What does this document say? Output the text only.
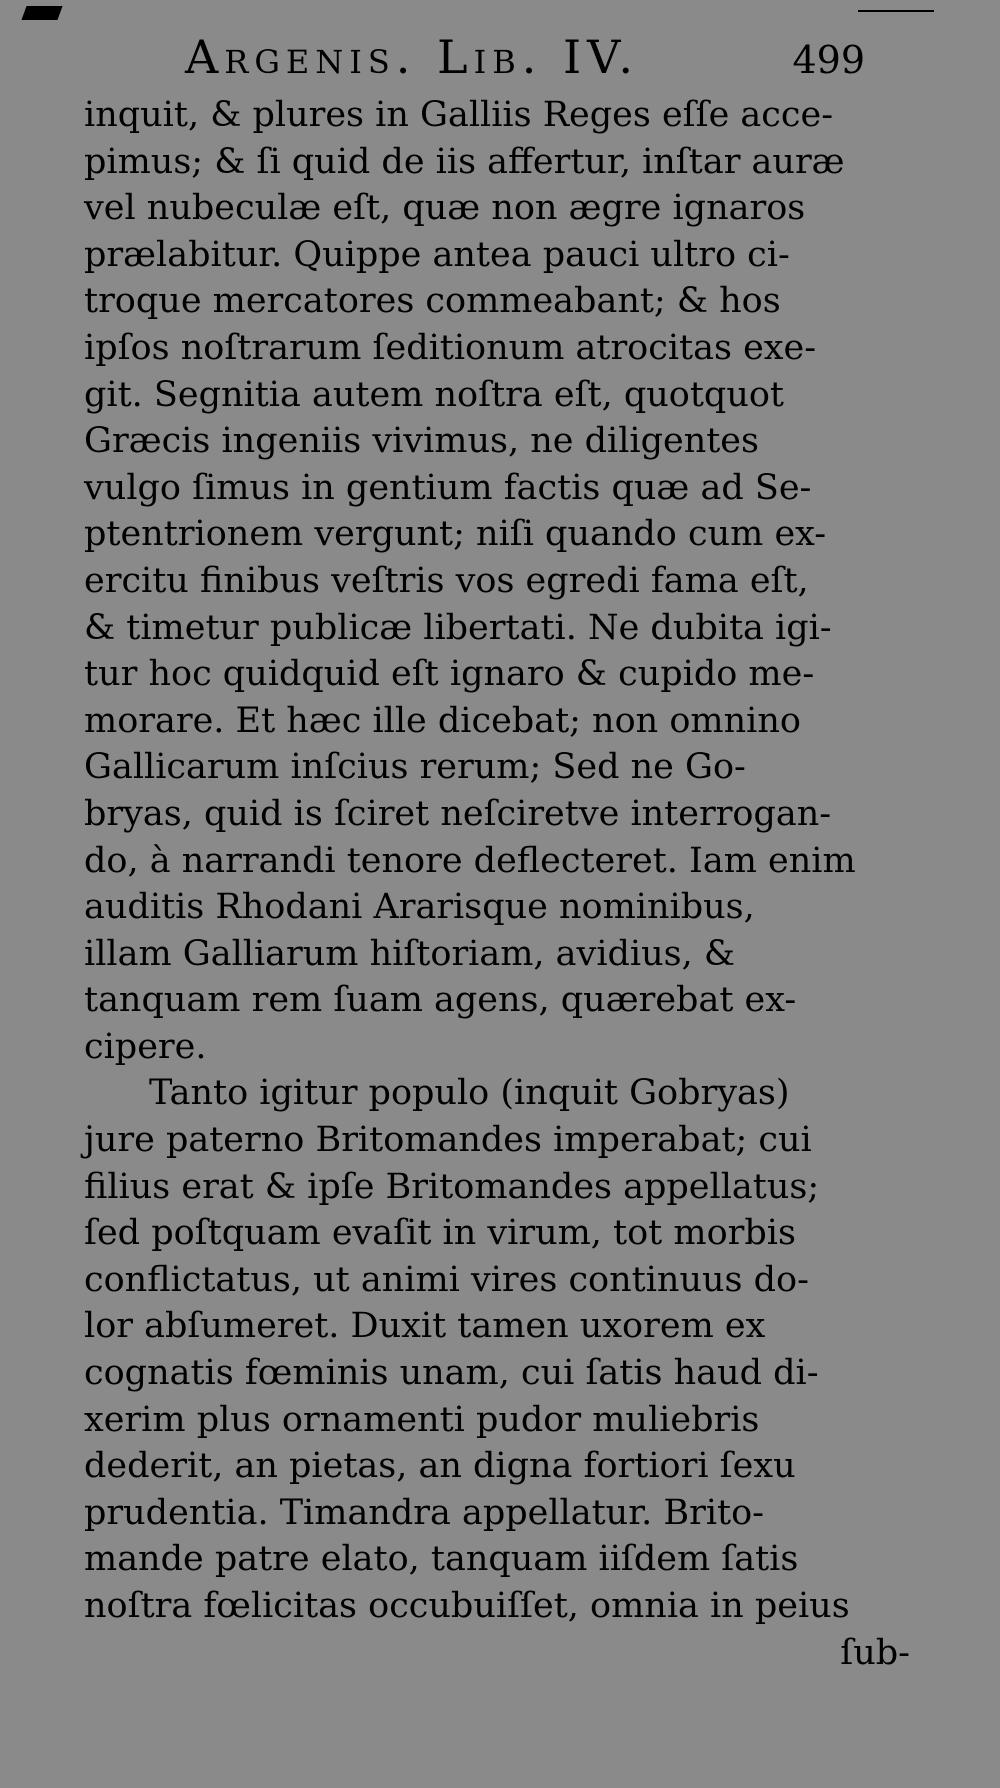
Argenis. Lib. IV.	499
inquit, & plures in Galliis Reges eſſe acce-
pimus; & ſi quid de iis affertur, inſtar auræ
vel nubeculæ eſt, quæ non ægre ignaros
prælabitur. Quippe antea pauci ultro ci-
troque mercatores commeabant; & hos
ipſos noſtrarum ſeditionum atrocitas exe-
git. Segnitia autem noſtra eſt, quotquot
Græcis ingeniis vivimus, ne diligentes
vulgo ſimus in gentium factis quæ ad Se-
ptentrionem vergunt; niſi quando cum ex-
ercitu finibus veſtris vos egredi fama eſt,
& timetur publicæ libertati. Ne dubita igi-
tur hoc quidquid eſt ignaro & cupido me-
morare. Et hæc ille dicebat; non omnino
Gallicarum inſcius rerum; Sed ne Go-
bryas, quid is ſciret neſciretve interrogan-
do, à narrandi tenore deflecteret. Iam enim
auditis Rhodani Ararisque nominibus,
illam Galliarum hiſtoriam, avidius, &
tanquam rem ſuam agens, quærebat ex-
cipere.
Tanto igitur populo (inquit Gobryas)
jure paterno Britomandes imperabat; cui
filius erat & ipſe Britomandes appellatus;
ſed poſtquam evaſit in virum, tot morbis
conflictatus, ut animi vires continuus do-
lor abſumeret. Duxit tamen uxorem ex
cognatis fœminis unam, cui ſatis haud di-
xerim plus ornamenti pudor muliebris
dederit, an pietas, an digna fortiori ſexu
prudentia. Timandra appellatur. Brito-
mande patre elato, tanquam iiſdem ſatis
noſtra fœlicitas occubuiſſet, omnia in peius
ſub-
